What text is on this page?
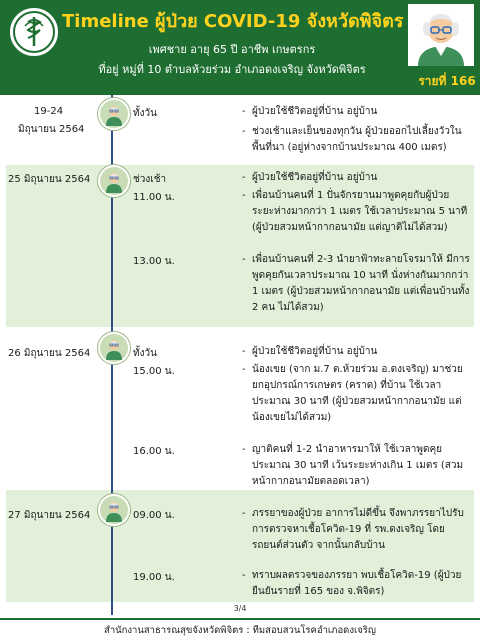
Timeline ผู้ป่วย COVID-19 จังหวัดพิจิตร
เพศชาย อายุ 65 ปี อาชีพ เกษตรกร
ที่อยู่ หมู่ที่ 10 ตำบลห้วยร่วม อำเภอดงเจริญ จังหวัดพิจิตร
รายที่ 166
19-24
มิถุนายน 2564
ทั้งวัน	- ผู้ป่วยใช้ชีวิตอยู่ที่บ้าน อยู่บ้าน
- ช่วงเช้าและเย็นของทุกวัน ผู้ป่วยออกไปเลี้ยงวัวในพื้นที่นา (อยู่ห่างจากบ้านประมาณ 400 เมตร)
25 มิถุนายน 2564	ช่วงเช้า	- ผู้ป่วยใช้ชีวิตอยู่ที่บ้าน อยู่บ้าน
11.00 น.	- เพื่อนบ้านคนที่ 1 ปั่นจักรยานมาพูดคุยกับผู้ป่วย ระยะห่างมากกว่า 1 เมตร ใช้เวลาประมาณ 5 นาที (ผู้ป่วยสวมหน้ากากอนามัย แต่ญาติไม่ได้สวม)
13.00 น.	- เพื่อนบ้านคนที่ 2-3 นำยาฟ้าทะลายโจรมาให้ มีการพูดคุยกันเวลาประมาณ 10 นาที นั่งห่างกันมากกว่า 1 เมตร (ผู้ป่วยสวมหน้ากากอนามัย แต่เพื่อนบ้านทั้ง 2 คน ไม่ได้สวม)
26 มิถุนายน 2564	ทั้งวัน	- ผู้ป่วยใช้ชีวิตอยู่ที่บ้าน อยู่บ้าน
15.00 น.	- น้องเขย (จาก ม.7 ต.ห้วยร่วม อ.ดงเจริญ) มาช่วยยกอุปกรณ์การเกษตร (คราด) ที่บ้าน ใช้เวลาประมาณ 30 นาที (ผู้ป่วยสวมหน้ากากอนามัย แต่น้องเขยไม่ได้สวม)
16.00 น.	- ญาติคนที่ 1-2 นำอาหารมาให้ ใช้เวลาพูดคุยประมาณ 30 นาที เว้นระยะห่างเกิน 1 เมตร (สวมหน้ากากอนามัยตลอดเวลา)
27 มิถุนายน 2564	09.00 น.	- ภรรยาของผู้ป่วย อาการไม่ดีขึ้น จึงพาภรรยาไปรับการตรวจหาเชื้อโควิด-19 ที่ รพ.ดงเจริญ โดยรถยนต์ส่วนตัว จากนั้นกลับบ้าน
19.00 น.	- ทราบผลตรวจของภรรยา พบเชื้อโควิด-19 (ผู้ป่วยยืนยันรายที่ 165 ของ จ.พิจิตร)
3/4
สำนักงานสาธารณสุขจังหวัดพิจิตร : ทีมสอบสวนโรคอำเภอดงเจริญ
